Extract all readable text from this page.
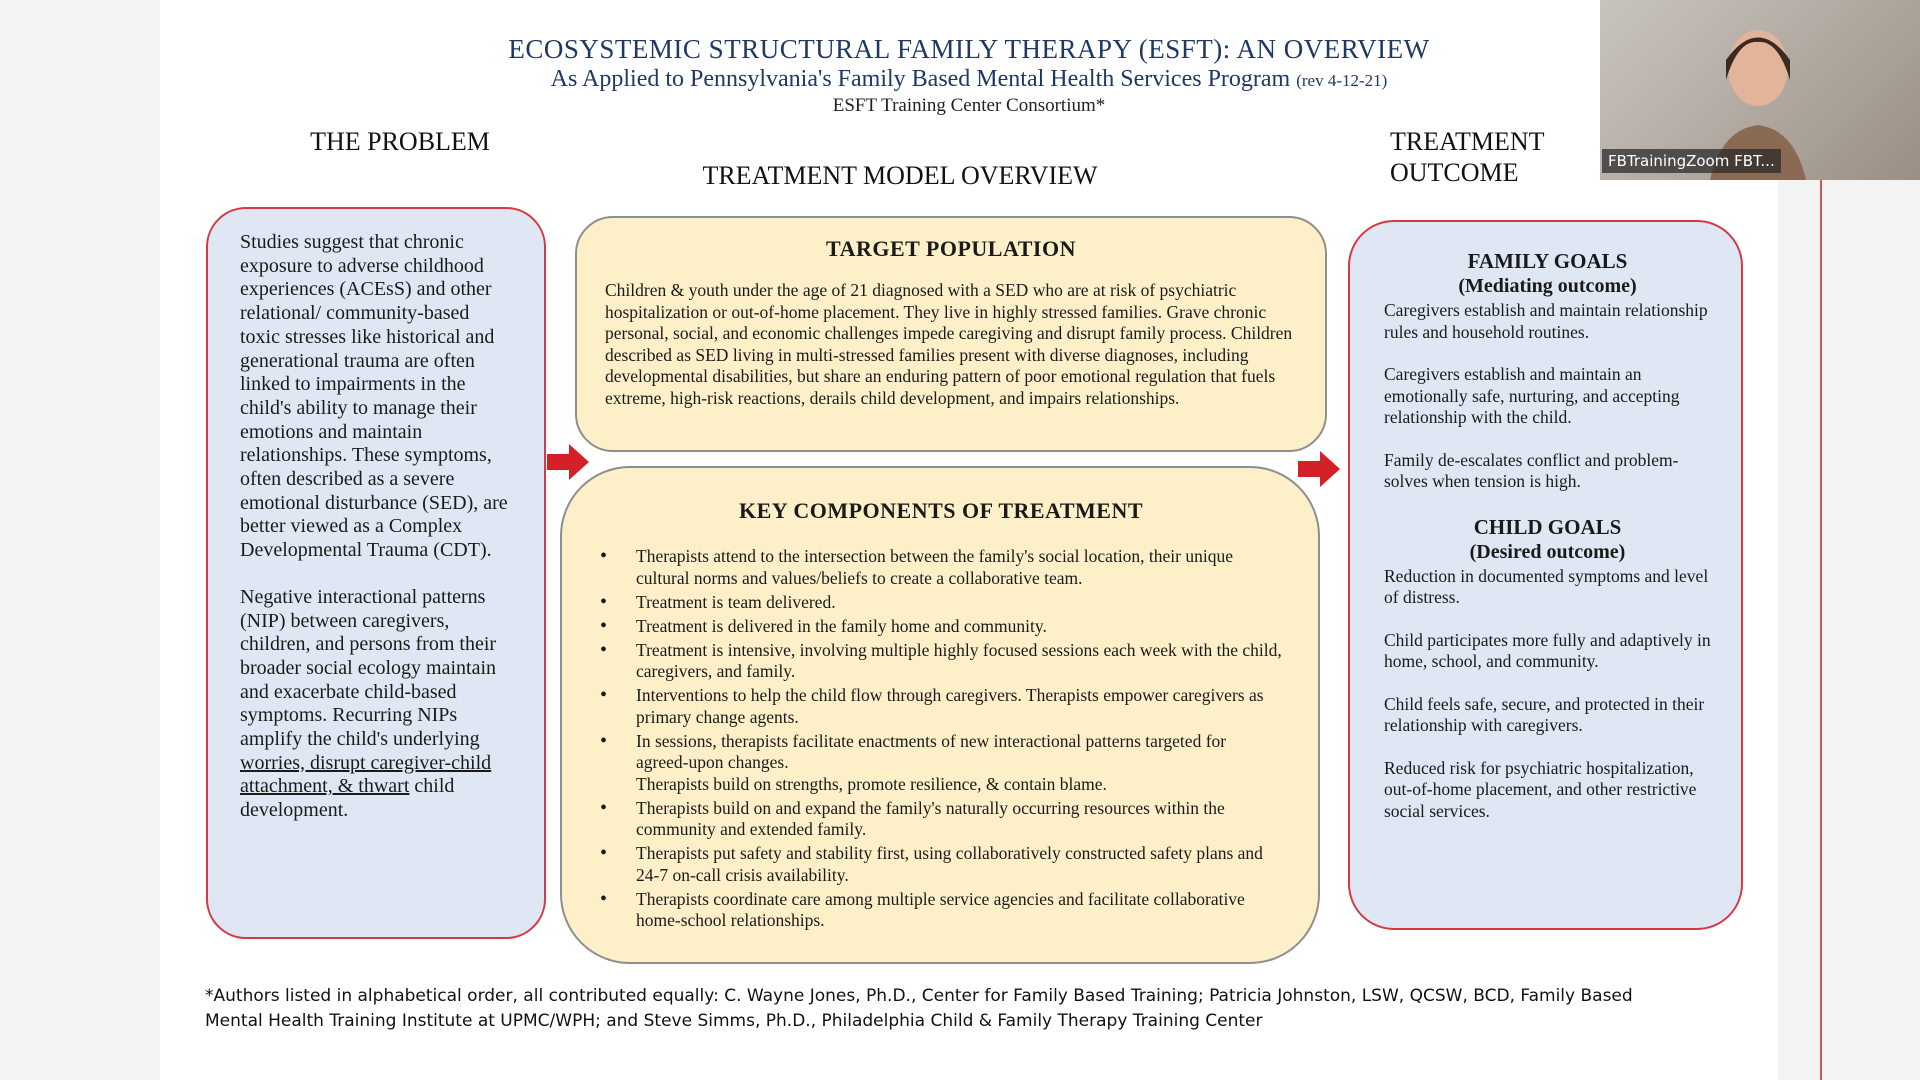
ECOSYSTEMIC STRUCTURAL FAMILY THERAPY (ESFT): AN OVERVIEW
As Applied to Pennsylvania's Family Based Mental Health Services Program (rev 4-12-21)
ESFT Training Center Consortium*
THE PROBLEM
TREATMENT MODEL OVERVIEW
TREATMENT OUTCOME

Studies suggest that chronic exposure to adverse childhood experiences (ACEsS) and other relational/ community-based toxic stresses like historical and generational trauma are often linked to impairments in the child's ability to manage their emotions and maintain relationships. These symptoms, often described as a severe emotional disturbance (SED), are better viewed as a Complex Developmental Trauma (CDT).

Negative interactional patterns (NIP) between caregivers, children, and persons from their broader social ecology maintain and exacerbate child-based symptoms. Recurring NIPs amplify the child's underlying worries, disrupt caregiver-child attachment, & thwart child development.

TARGET POPULATION
Children & youth under the age of 21 diagnosed with a SED who are at risk of psychiatric hospitalization or out-of-home placement. They live in highly stressed families. Grave chronic personal, social, and economic challenges impede caregiving and disrupt family process. Children described as SED living in multi-stressed families present with diverse diagnoses, including developmental disabilities, but share an enduring pattern of poor emotional regulation that fuels extreme, high-risk reactions, derails child development, and impairs relationships.
KEY COMPONENTS OF TREATMENT
• Therapists attend to the intersection between the family's social location, their unique cultural norms and values/beliefs to create a collaborative team.
• Treatment is team delivered.
• Treatment is delivered in the family home and community.
• Treatment is intensive, involving multiple highly focused sessions each week with the child, caregivers, and family.
• Interventions to help the child flow through caregivers. Therapists empower caregivers as primary change agents.
• In sessions, therapists facilitate enactments of new interactional patterns targeted for agreed-upon changes.
Therapists build on strengths, promote resilience, & contain blame.
• Therapists build on and expand the family's naturally occurring resources within the community and extended family.
• Therapists put safety and stability first, using collaboratively constructed safety plans and 24-7 on-call crisis availability.
• Therapists coordinate care among multiple service agencies and facilitate collaborative home-school relationships.
FAMILY GOALS
(Mediating outcome)

Caregivers establish and maintain relationship rules and household routines.

Caregivers establish and maintain an emotionally safe, nurturing, and accepting relationship with the child.

Family de-escalates conflict and problem-solves when tension is high.

CHILD GOALS
(Desired outcome)

Reduction in documented symptoms and level of distress.

Child participates more fully and adaptively in home, school, and community.

Child feels safe, secure, and protected in their relationship with caregivers.

Reduced risk for psychiatric hospitalization, out-of-home placement, and other restrictive social services.

*Authors listed in alphabetical order, all contributed equally: C. Wayne Jones, Ph.D., Center for Family Based Training; Patricia Johnston, LSW, QCSW, BCD, Family Based
Mental Health Training Institute at UPMC/WPH; and Steve Simms, Ph.D., Philadelphia Child & Family Therapy Training Center
FBTrainingZoom FBT...
